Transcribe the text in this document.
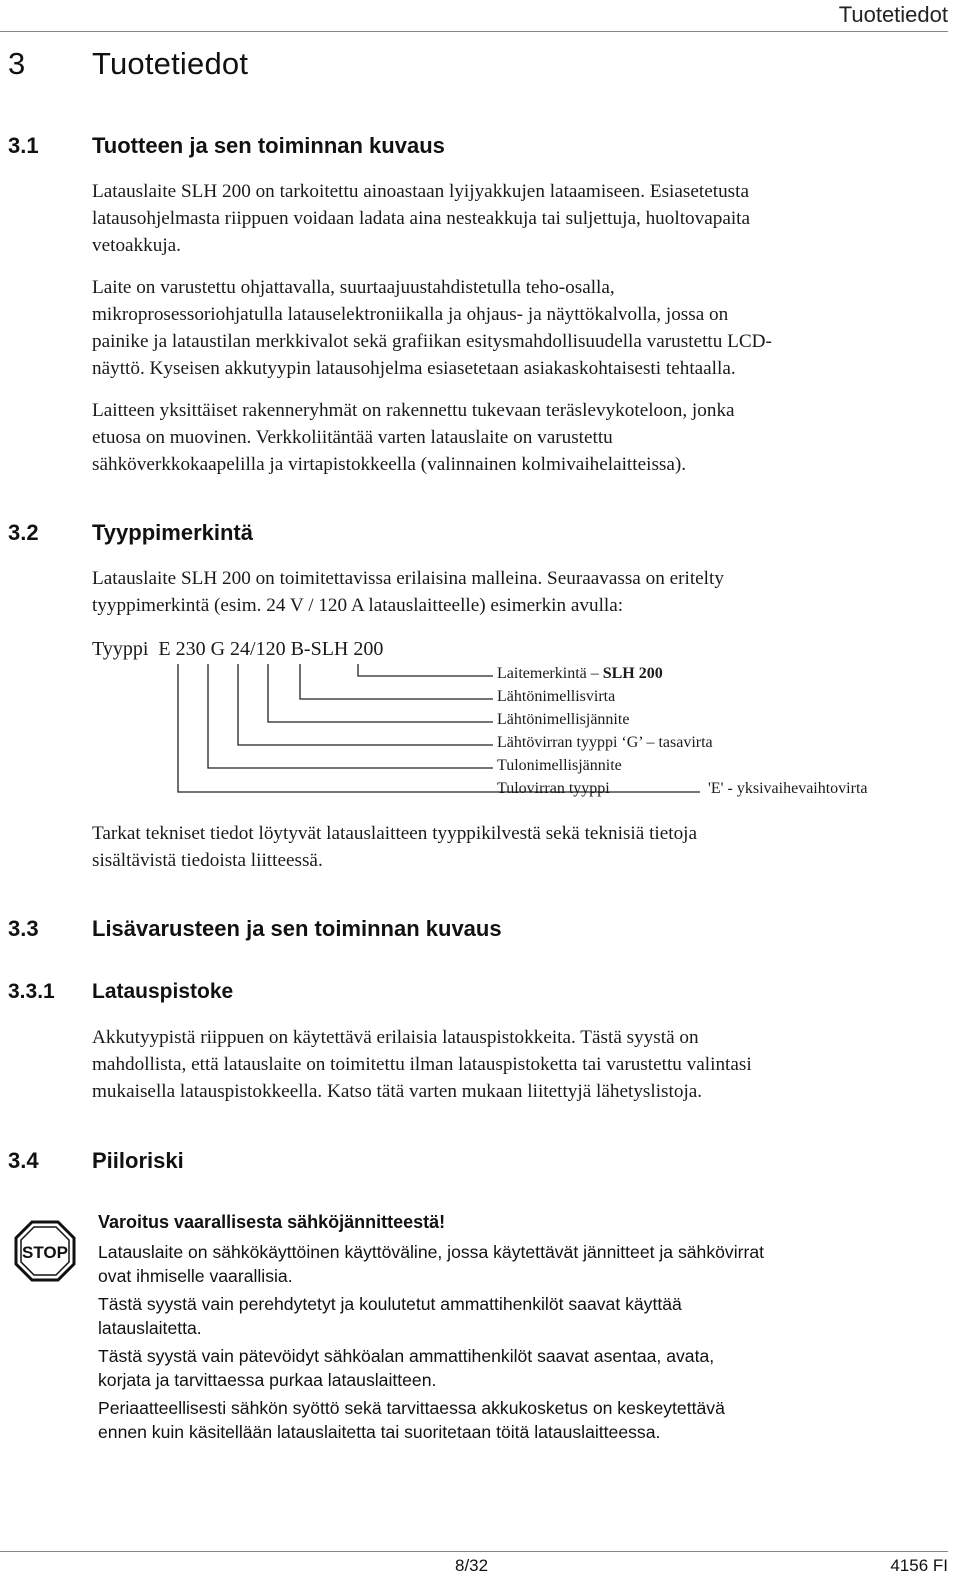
Tuotetiedot
3 Tuotetiedot
3.1 Tuotteen ja sen toiminnan kuvaus
Latauslaite SLH 200 on tarkoitettu ainoastaan lyijyakkujen lataamiseen. Esiasetetusta
latausohjelmasta riippuen voidaan ladata aina nesteakkuja tai suljettuja, huoltovapaita
vetoakkuja.
Laite on varustettu ohjattavalla, suurtaajuustahdistetulla teho-osalla,
mikroprosessoriohjatulla latauselektroniikalla ja ohjaus- ja näyttökalvolla, jossa on
painike ja lataustilan merkkivalot sekä grafiikan esitysmahdollisuudella varustettu LCD-
näyttö. Kyseisen akkutyypin latausohjelma esiasetetaan asiakaskohtaisesti tehtaalla.
Laitteen yksittäiset rakenneryhmät on rakennettu tukevaan teräslevykoteloon, jonka
etuosa on muovinen. Verkkoliitäntää varten latauslaite on varustettu
sähköverkkokaapelilla ja virtapistokkeella (valinnainen kolmivaihelaitteissa).
3.2 Tyyppimerkintä
Latauslaite SLH 200 on toimitettavissa erilaisina malleina. Seuraavassa on eritelty
tyyppimerkintä (esim. 24 V / 120 A latauslaitteelle) esimerkin avulla:
Tyyppi  E 230 G 24/120 B-SLH 200
Laitemerkintä – SLH 200
Lähtönimellisvirta
Lähtönimellisjännite
Lähtövirran tyyppi ‘G’ – tasavirta
Tulonimellisjännite
Tulovirran tyyppi	'E' - yksivaihevaihtovirta
Tarkat tekniset tiedot löytyvät latauslaitteen tyyppikilvestä sekä teknisiä tietoja
sisältävistä tiedoista liitteessä.
3.3 Lisävarusteen ja sen toiminnan kuvaus
3.3.1 Latauspistoke
Akkutyypistä riippuen on käytettävä erilaisia latauspistokkeita. Tästä syystä on
mahdollista, että latauslaite on toimitettu ilman latauspistoketta tai varustettu valintasi
mukaisella latauspistokkeella. Katso tätä varten mukaan liitettyjä lähetyslistoja.
3.4 Piiloriski
STOP
Varoitus vaarallisesta sähköjännitteestä!
Latauslaite on sähkökäyttöinen käyttöväline, jossa käytettävät jännitteet ja sähkövirrat
ovat ihmiselle vaarallisia.
Tästä syystä vain perehdytetyt ja koulutetut ammattihenkilöt saavat käyttää
latauslaitetta.
Tästä syystä vain pätevöidyt sähköalan ammattihenkilöt saavat asentaa, avata,
korjata ja tarvittaessa purkaa latauslaitteen.
Periaatteellisesti sähkön syöttö sekä tarvittaessa akkukosketus on keskeytettävä
ennen kuin käsitellään latauslaitetta tai suoritetaan töitä latauslaitteessa.
8/32	4156 FI
